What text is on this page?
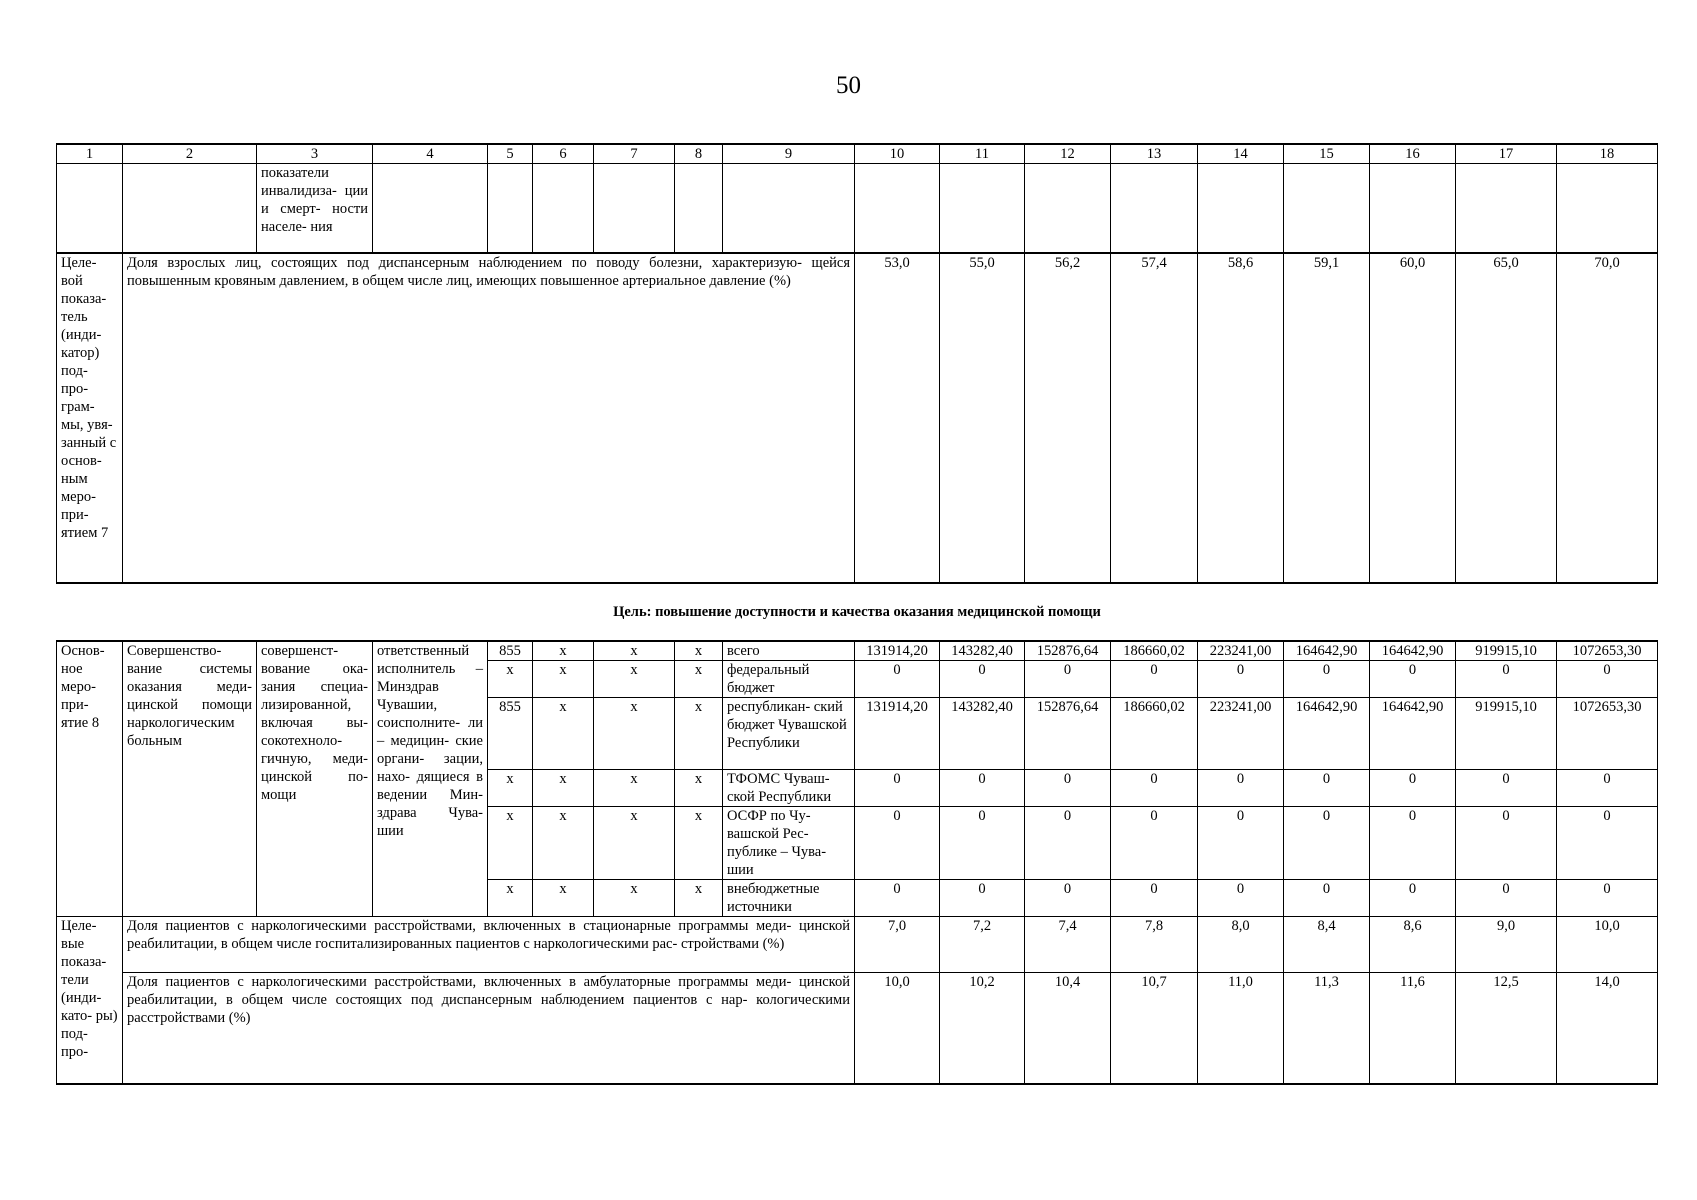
50
1	2	3	4	5	6	7	8	9	10	11	12	13	14	15	16	17	18
		показатели инвалидиза- ции и смерт- ности населе- ния															
Целе- вой показа- тель (инди- катор) под- про- грам- мы, увя- занный с основ- ным меро- при- ятием 7	Доля взрослых лиц, состоящих под диспансерным наблюдением по поводу болезни, характеризую- щейся повышенным кровяным давлением, в общем числе лиц, имеющих повышенное артериальное давление (%)								53,0	55,0	56,2	57,4	58,6	59,1	60,0	65,0	70,0
Цель: повышение доступности и качества оказания медицинской помощи																	
Основ- ное меро- при- ятие 8	Совершенство- вание системы оказания меди- цинской помощи наркологическим больным	совершенст- вование ока- зания специа- лизированной, включая вы- сокотехноло- гичную, меди- цинской по- мощи	ответственный исполнитель – Минздрав Чувашии, соисполните- ли – медицин- ские органи- зации, нахо- дящиеся в ведении Мин- здрава Чува- шии	855	x	x	x	всего	131914,20	143282,40	152876,64	186660,02	223241,00	164642,90	164642,90	919915,10	1072653,30
				x	x	x	x	федеральный бюджет	0	0	0	0	0	0	0	0	0
				855	x	x	x	республикан- ский бюджет Чувашской Республики	131914,20	143282,40	152876,64	186660,02	223241,00	164642,90	164642,90	919915,10	1072653,30
				x	x	x	x	ТФОМС Чуваш- ской Республики	0	0	0	0	0	0	0	0	0
				x	x	x	x	ОСФР по Чу- вашской Рес- публике – Чува- шии	0	0	0	0	0	0	0	0	0
				x	x	x	x	внебюджетные источники	0	0	0	0	0	0	0	0	0
Целе- вые показа- тели (инди- като- ры) под- про-	Доля пациентов с наркологическими расстройствами, включенных в стационарные программы меди- цинской реабилитации, в общем числе госпитализированных пациентов с наркологическими рас- стройствами (%)								7,0	7,2	7,4	7,8	8,0	8,4	8,6	9,0	10,0
	Доля пациентов с наркологическими расстройствами, включенных в амбулаторные программы меди- цинской реабилитации, в общем числе состоящих под диспансерным наблюдением пациентов с нар- кологическими расстройствами (%)								10,0	10,2	10,4	10,7	11,0	11,3	11,6	12,5	14,0
